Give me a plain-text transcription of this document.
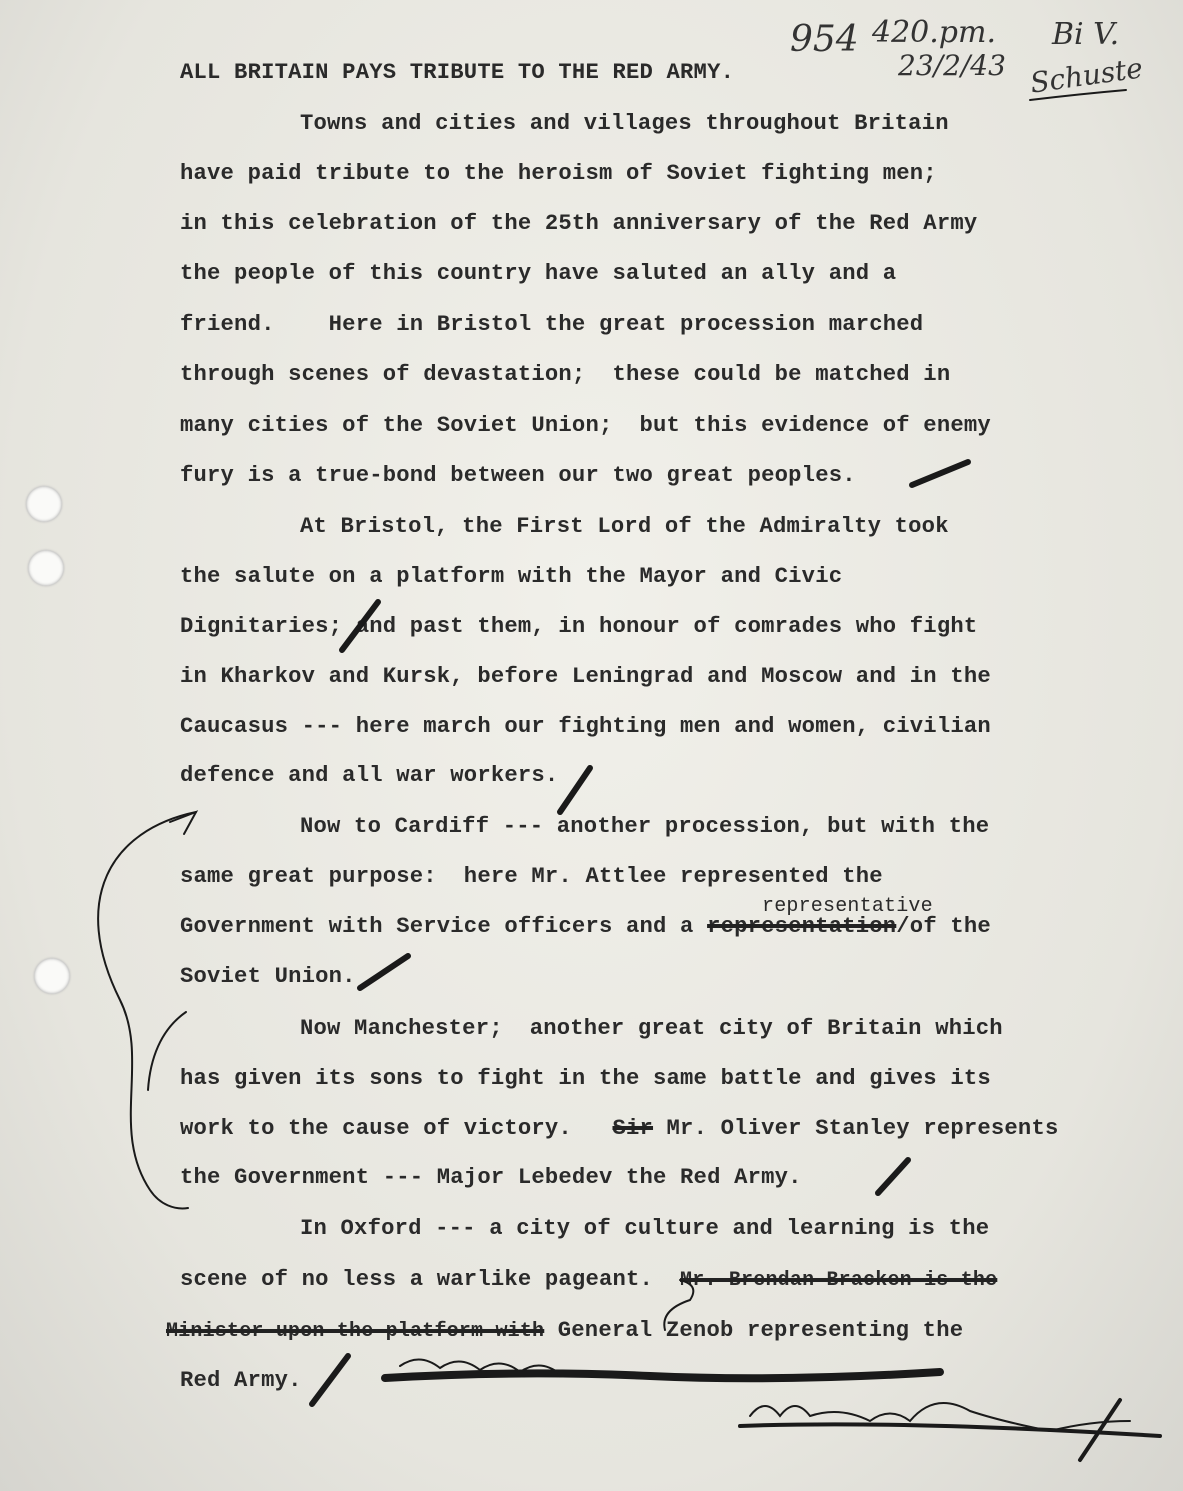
954 420.pm.
23/2/43
Bi V.
Schuste
ALL BRITAIN PAYS TRIBUTE TO THE RED ARMY.
Towns and cities and villages throughout Britain
have paid tribute to the heroism of Soviet fighting men;
in this celebration of the 25th anniversary of the Red Army
the people of this country have saluted an ally and a
friend.    Here in Bristol the great procession marched
through scenes of devastation;  these could be matched in
many cities of the Soviet Union;  but this evidence of enemy
fury is a true-bond between our two great peoples.
At Bristol, the First Lord of the Admiralty took
the salute on a platform with the Mayor and Civic
Dignitaries; and past them, in honour of comrades who fight
in Kharkov and Kursk, before Leningrad and Moscow and in the
Caucasus --- here march our fighting men and women, civilian
defence and all war workers.
Now to Cardiff --- another procession, but with the
same great purpose:  here Mr. Attlee represented the
representative
Government with Service officers and a representation/of the
Soviet Union.
Now Manchester;  another great city of Britain which
has given its sons to fight in the same battle and gives its
work to the cause of victory.   Sir Mr. Oliver Stanley represents
the Government --- Major Lebedev the Red Army.
In Oxford --- a city of culture and learning is the
scene of no less a warlike pageant.  Mr. Brendan Bracken is the
Minister upon the platform with General Zenob representing the
Red Army.
